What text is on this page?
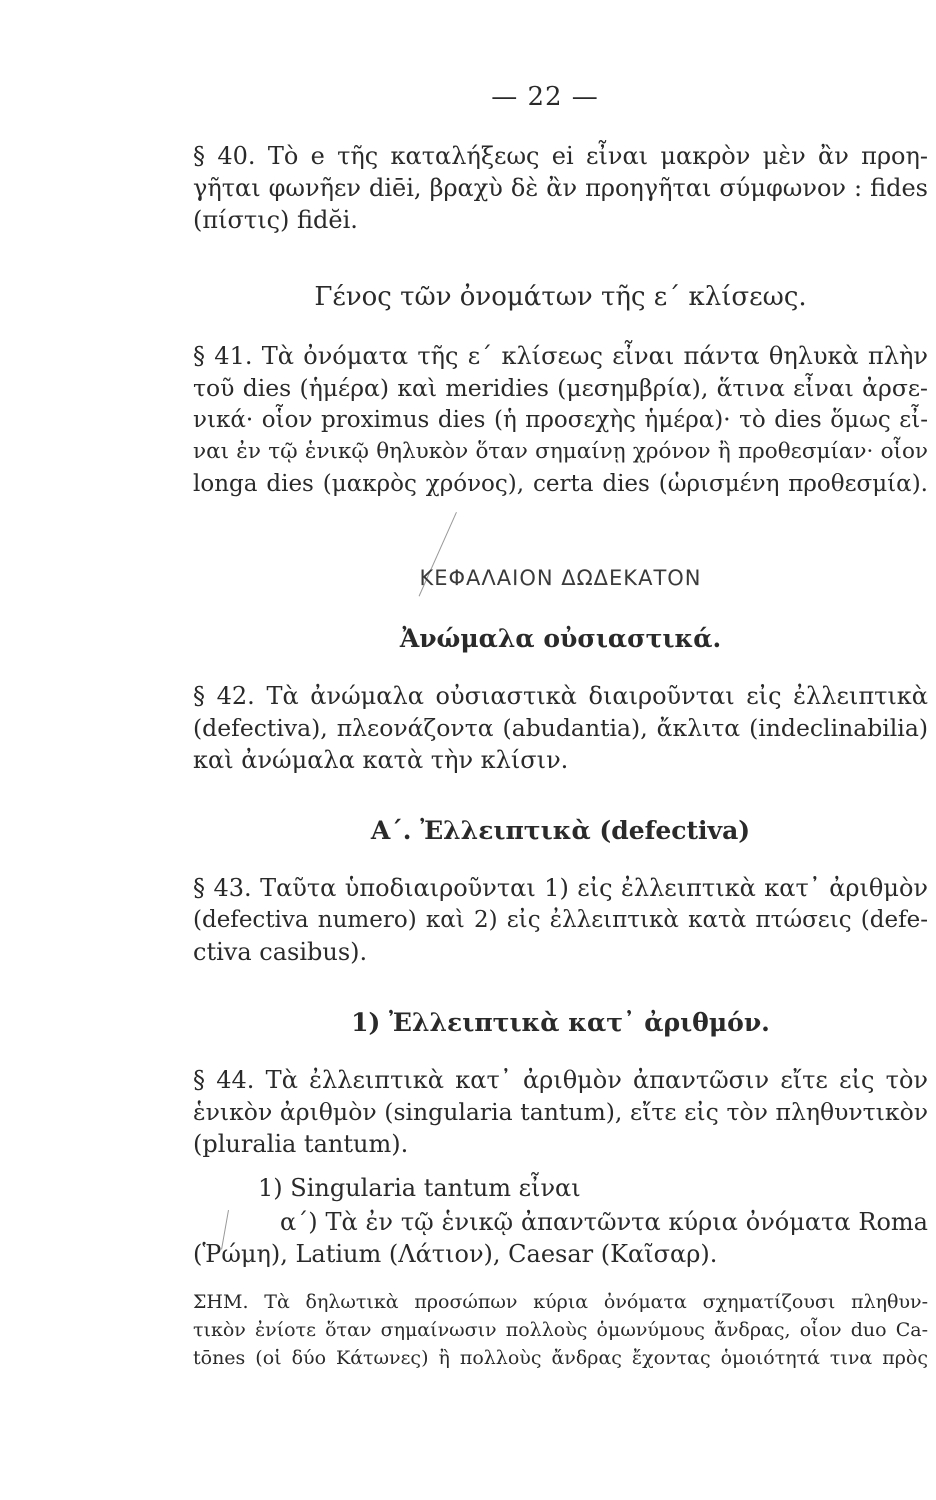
— 22 —
§ 40. Τὸ e τῆς καταλήξεως ei εἶναι μακρὸν μὲν ἂν προη-
γῆται φωνῆεν diēi, βραχὺ δὲ ἂν προηγῆται σύμφωνον : fides
(πίστις) fidĕi.
Γένος τῶν ὀνομάτων τῆς ε΄ κλίσεως.
§ 41. Τὰ ὀνόματα τῆς ε΄ κλίσεως εἶναι πάντα θηλυκὰ πλὴν
τοῦ dies (ἡμέρα) καὶ meridies (μεσημβρία), ἅτινα εἶναι ἀρσε-
νικά· οἷον proximus dies (ἡ προσεχὴς ἡμέρα)· τὸ dies ὅμως εἶ-
ναι ἐν τῷ ἑνικῷ θηλυκὸν ὅταν σημαίνῃ χρόνον ἢ προθεσμίαν· οἷον
longa dies (μακρὸς χρόνος), certa dies (ὡρισμένη προθεσμία).
ΚΕΦΑΛΑΙΟΝ ΔΩΔΕΚΑΤΟΝ
Ἀνώμαλα οὐσιαστικά.
§ 42. Τὰ ἀνώμαλα οὐσιαστικὰ διαιροῦνται εἰς ἐλλειπτικὰ
(defectiva), πλεονάζοντα (abudantia), ἄκλιτα (indeclinabilia)
καὶ ἀνώμαλα κατὰ τὴν κλίσιν.
Α΄. Ἐλλειπτικὰ (defectiva)
§ 43. Ταῦτα ὑποδιαιροῦνται 1) εἰς ἐλλειπτικὰ κατ᾽ ἀριθμὸν
(defectiva numero) καὶ 2) εἰς ἐλλειπτικὰ κατὰ πτώσεις (defe-
ctiva casibus).
1) Ἐλλειπτικὰ κατ᾽ ἀριθμόν.
§ 44. Τὰ ἐλλειπτικὰ κατ᾽ ἀριθμὸν ἀπαντῶσιν εἴτε εἰς τὸν
ἑνικὸν ἀριθμὸν (singularia tantum), εἴτε εἰς τὸν πληθυντικὸν
(pluralia tantum).
1) Singularia tantum εἶναι
α΄) Τὰ ἐν τῷ ἑνικῷ ἀπαντῶντα κύρια ὀνόματα Roma
(Ῥώμη), Latium (Λάτιον), Caesar (Καῖσαρ).
ΣΗΜ. Τὰ δηλωτικὰ προσώπων κύρια ὀνόματα σχηματίζουσι πληθυν-
τικὸν ἐνίοτε ὅταν σημαίνωσιν πολλοὺς ὁμωνύμους ἄνδρας, οἷον duo Ca-
tōnes (οἱ δύο Κάτωνες) ἢ πολλοὺς ἄνδρας ἔχοντας ὁμοιότητά τινα πρὸς
